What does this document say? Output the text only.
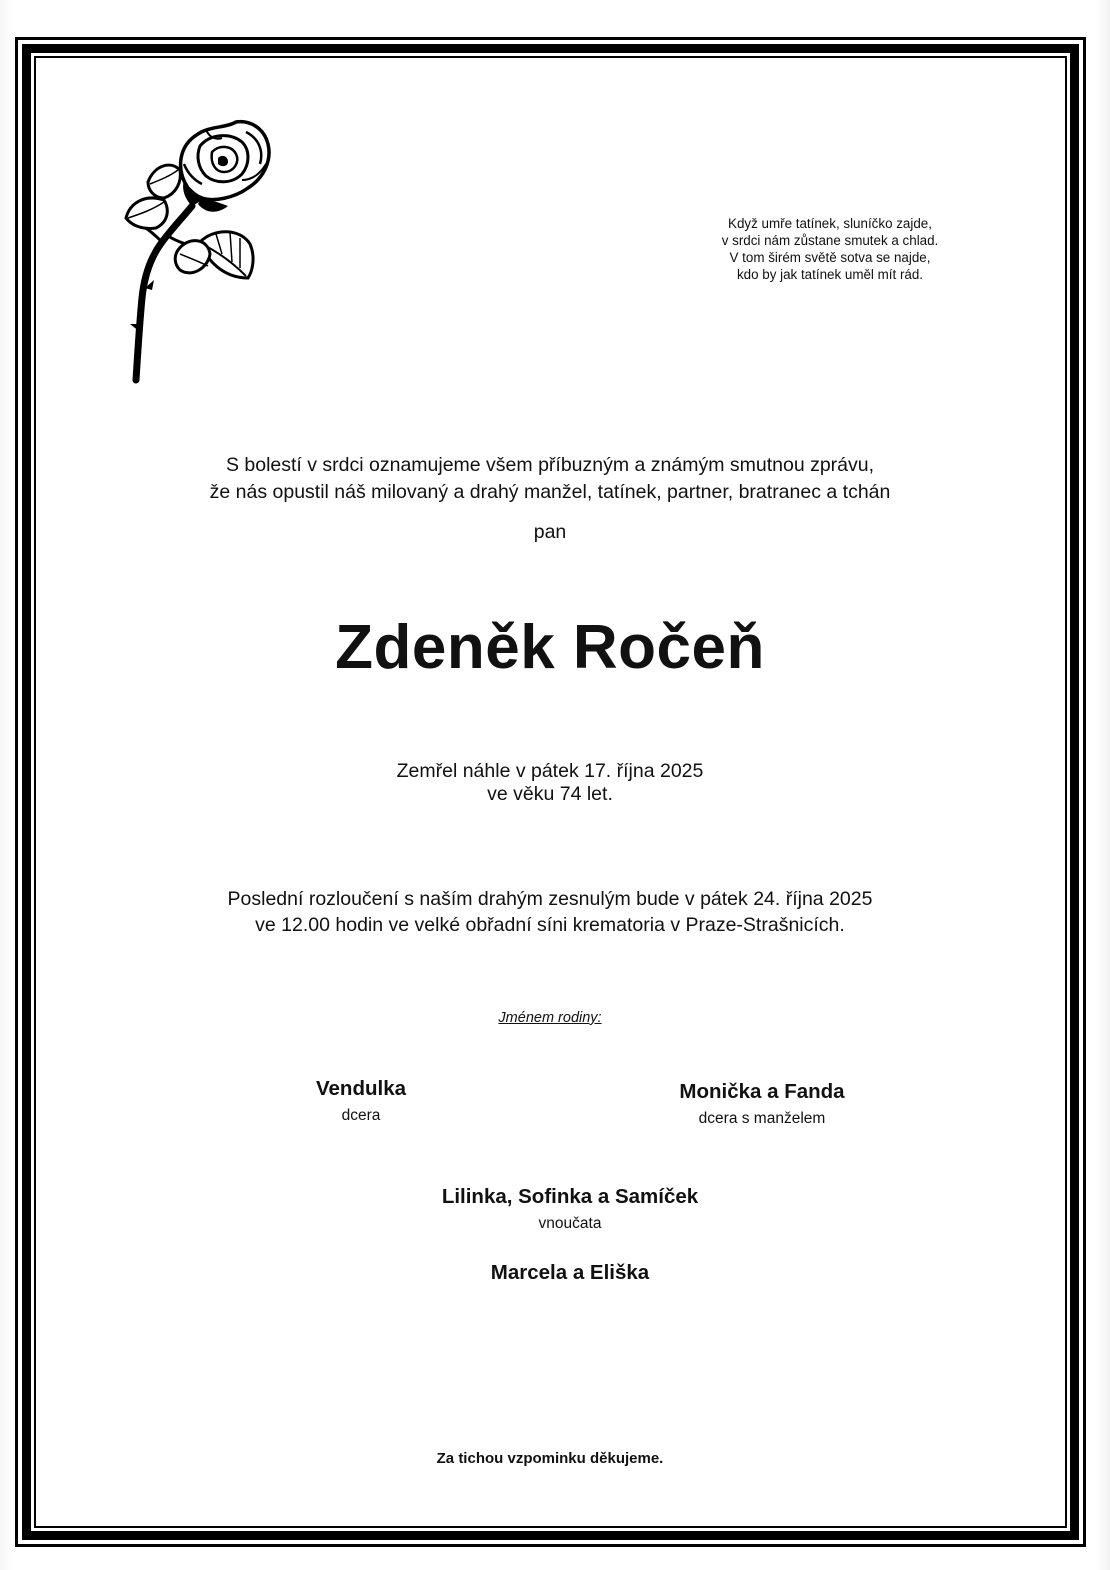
Když umře tatínek, sluníčko zajde,
v srdci nám zůstane smutek a chlad.
V tom širém světě sotva se najde,
kdo by jak tatínek uměl mít rád.
S bolestí v srdci oznamujeme všem příbuzným a známým smutnou zprávu,
že nás opustil náš milovaný a drahý manžel, tatínek, partner, bratranec a tchán
pan
Zdeněk Ročeň
Zemřel náhle v pátek 17. října 2025
ve věku 74 let.
Poslední rozloučení s naším drahým zesnulým bude v pátek 24. října 2025
ve 12.00 hodin ve velké obřadní síni krematoria v Praze-Strašnicích.
Jménem rodiny:
Vendulka
dcera
Monička a Fanda
dcera s manželem
Lilinka, Sofinka a Samíček
vnoučata
Marcela a Eliška
Za tichou vzpominku děkujeme.
